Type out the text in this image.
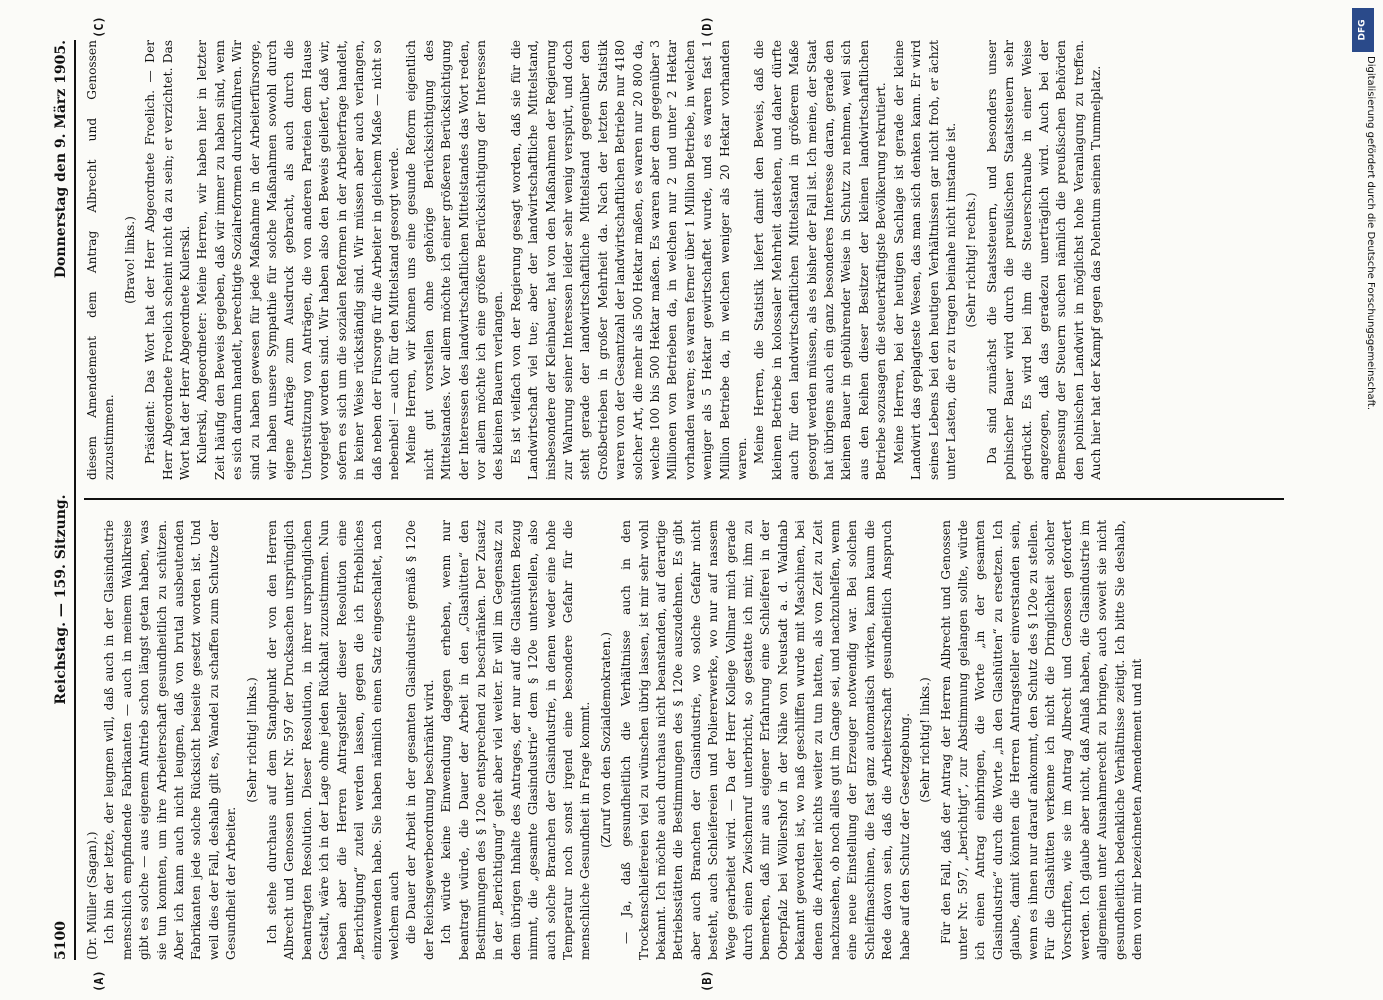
5100
Reichstag. — 159. Sitzung.
Donnerstag den 9. März 1905.
(A)	(B)
(C)	(D)

(Dr. Müller (Sagan).) Ich bin der letzte, der leugnen will, daß auch in der Glasindustrie menschlich empfindende Fabrikanten — auch in meinem Wahlkreise gibt es solche — aus eigenem Antrieb schon längst getan haben, was sie tun konnten, um ihre Arbeiterschaft gesundheitlich zu schützen. Aber ich kann auch nicht leugnen, daß von brutal ausbeutenden Fabrikanten jede solche Rücksicht beiseite gesetzt worden ist. Und weil dies der Fall, deshalb gilt es, Wandel zu schaffen zum Schutze der Gesundheit der Arbeiter.

(Sehr richtig! links.) Ich stehe durchaus auf dem Standpunkt der von den Herren Albrecht und Genossen unter Nr. 597 der Drucksachen ursprünglich beantragten Resolution. Dieser Resolution, in ihrer ursprünglichen Gestalt, wäre ich in der Lage ohne jeden Rückhalt zuzustimmen. Nun haben aber die Herren Antragsteller dieser Resolution eine „Berichtigung“ zuteil werden lassen, gegen die ich Erhebliches einzuwenden habe. Sie haben nämlich einen Satz eingeschaltet, nach welchem auch die Dauer der Arbeit in der gesamten Glasindustrie gemäß § 120e der Reichsgewerbeordnung beschränkt wird. Ich würde keine Einwendung dagegen erheben, wenn nur beantragt würde, die Dauer der Arbeit in den „Glashütten“ den Bestimmungen des § 120e entsprechend zu beschränken. Der Zusatz in der „Berichtigung“ geht aber viel weiter. Er will im Gegensatz zu dem übrigen Inhalte des Antrages, der nur auf die Glashütten Bezug nimmt, die „gesamte Glasindustrie“ dem § 120e unterstellen, also auch solche Branchen der Glasindustrie, in denen weder eine hohe Temperatur noch sonst irgend eine besondere Gefahr für die menschliche Gesundheit in Frage kommt. (Zuruf von den Sozialdemokraten.) — Ja, daß gesundheitlich die Verhältnisse auch in den Trockenschleifereien viel zu wünschen übrig lassen, ist mir sehr wohl bekannt. Ich möchte auch durchaus nicht beanstanden, auf derartige Betriebsstätten die Bestimmungen des § 120e auszudehnen. Es gibt aber auch Branchen der Glasindustrie, wo solche Gefahr nicht besteht, auch Schleifereien und Poliererwerke, wo nur auf nassem Wege gearbeitet wird. — Da der Herr Kollege Vollmar mich gerade durch einen Zwischenruf unterbricht, so gestatte ich mir, ihm zu bemerken, daß mir aus eigener Erfahrung eine Schleiferei in der Oberpfalz bei Wöllershof in der Nähe von Neustadt a. d. Waldnab bekannt geworden ist, wo naß geschliffen wurde mit Maschinen, bei denen die Arbeiter nichts weiter zu tun hatten, als von Zeit zu Zeit nachzusehen, ob noch alles gut im Gange sei, und nachzuhelfen, wenn eine neue Einstellung der Erzeuger notwendig war. Bei solchen Schleifmaschinen, die fast ganz automatisch wirken, kann kaum die Rede davon sein, daß die Arbeiterschaft gesundheitlich Anspruch habe auf den Schutz der Gesetzgebung. (Sehr richtig! links.) Für den Fall, daß der Antrag der Herren Albrecht und Genossen unter Nr. 597, „berichtigt“, zur Abstimmung gelangen sollte, würde ich einen Antrag einbringen, die Worte „in der gesamten Glasindustrie“ durch die Worte „in den Glashütten“ zu ersetzen. Ich glaube, damit könnten die Herren Antragsteller einverstanden sein, wenn es ihnen nur darauf ankommt, den Schutz des § 120e zu stellen. Für die Glashütten verkenne ich nicht die Dringlichkeit solcher Vorschriften, wie sie im Antrag Albrecht und Genossen gefordert werden. Ich glaube aber nicht, daß Anlaß haben, die Glasindustrie im allgemeinen unter Ausnahmerecht zu bringen, auch soweit sie nicht gesundheitlich bedenkliche Verhältnisse zeitigt. Ich bitte Sie deshalb, dem von mir bezeichneten Amendement und mit

diesem Amendement dem Antrag Albrecht und Genossen zuzustimmen.

(Bravo! links.) Präsident: Das Wort hat der Herr Abgeordnete Froelich. — Der Herr Abgeordnete Froelich scheint nicht da zu sein; er verzichtet. Das Wort hat der Herr Abgeordnete Kulerski. Kulerski, Abgeordneter: Meine Herren, wir haben hier in letzter Zeit häufig den Beweis gegeben, daß wir immer zu haben sind, wenn es sich darum handelt, berechtigte Sozialreformen durchzuführen. Wir sind zu haben gewesen für jede Maßnahme in der Arbeiterfürsorge, wir haben unsere Sympathie für solche Maßnahmen sowohl durch eigene Anträge zum Ausdruck gebracht, als auch durch die Unterstützung von Anträgen, die von anderen Parteien dem Hause vorgelegt worden sind. Wir haben also den Beweis geliefert, daß wir, sofern es sich um die sozialen Reformen in der Arbeiterfrage handelt, in keiner Weise rückständig sind. Wir müssen aber auch verlangen, daß neben der Fürsorge für die Arbeiter in gleichem Maße — nicht so nebenbei! — auch für den Mittelstand gesorgt werde. Meine Herren, wir können uns eine gesunde Reform eigentlich nicht gut vorstellen ohne gehörige Berücksichtigung des Mittelstandes. Vor allem möchte ich einer größeren Berücksichtigung der Interessen des landwirtschaftlichen Mittelstandes das Wort reden, vor allem möchte ich eine größere Berücksichtigung der Interessen des kleinen Bauern verlangen. Es ist vielfach von der Regierung gesagt worden, daß sie für die Landwirtschaft viel tue; aber der landwirtschaftliche Mittelstand, insbesondere der Kleinbauer, hat von den Maßnahmen der Regierung zur Wahrung seiner Interessen leider sehr wenig verspürt, und doch steht gerade der landwirtschaftliche Mittelstand gegenüber den Großbetrieben in großer Mehrheit da. Nach der letzten Statistik waren von der Gesamtzahl der landwirtschaftlichen Betriebe nur 4180 solcher Art, die mehr als 500 Hektar maßen, es waren nur 20 800 da, welche 100 bis 500 Hektar maßen. Es waren aber dem gegenüber 3 Millionen von Betrieben da, in welchen nur 2 und unter 2 Hektar vorhanden waren; es waren ferner über 1 Million Betriebe, in welchen weniger als 5 Hektar gewirtschaftet wurde, und es waren fast 1 Million Betriebe da, in welchen weniger als 20 Hektar vorhanden waren. Meine Herren, die Statistik liefert damit den Beweis, daß die kleinen Betriebe in kolossaler Mehrheit dastehen, und daher dürfte auch für den landwirtschaftlichen Mittelstand in größerem Maße gesorgt werden müssen, als es bisher der Fall ist. Ich meine, der Staat hat übrigens auch ein ganz besonderes Interesse daran, gerade den kleinen Bauer in gebührender Weise in Schutz zu nehmen, weil sich aus den Reihen dieser Besitzer der kleinen landwirtschaftlichen Betriebe sozusagen die steuerkräftigste Bevölkerung rekrutiert. Meine Herren, bei der heutigen Sachlage ist gerade der kleine Landwirt das geplagteste Wesen, das man sich denken kann. Er wird seines Lebens bei den heutigen Verhältnissen gar nicht froh, er ächzt unter Lasten, die er zu tragen beinahe nicht imstande ist. (Sehr richtig! rechts.) Da sind zunächst die Staatssteuern, und besonders unser polnischer Bauer wird durch die preußischen Staatssteuern sehr gedrückt. Es wird bei ihm die Steuerschraube in einer Weise angezogen, daß das geradezu unerträglich wird. Auch bei der Bemessung der Steuern suchen nämlich die preußischen Behörden den polnischen Landwirt in möglichst hohe Veranlagung zu treffen. Auch hier hat der Kampf gegen das Polentum seinen Tummelplatz.

DFG
Digitalisierung gefördert durch die Deutsche Forschungsgemeinschaft.
